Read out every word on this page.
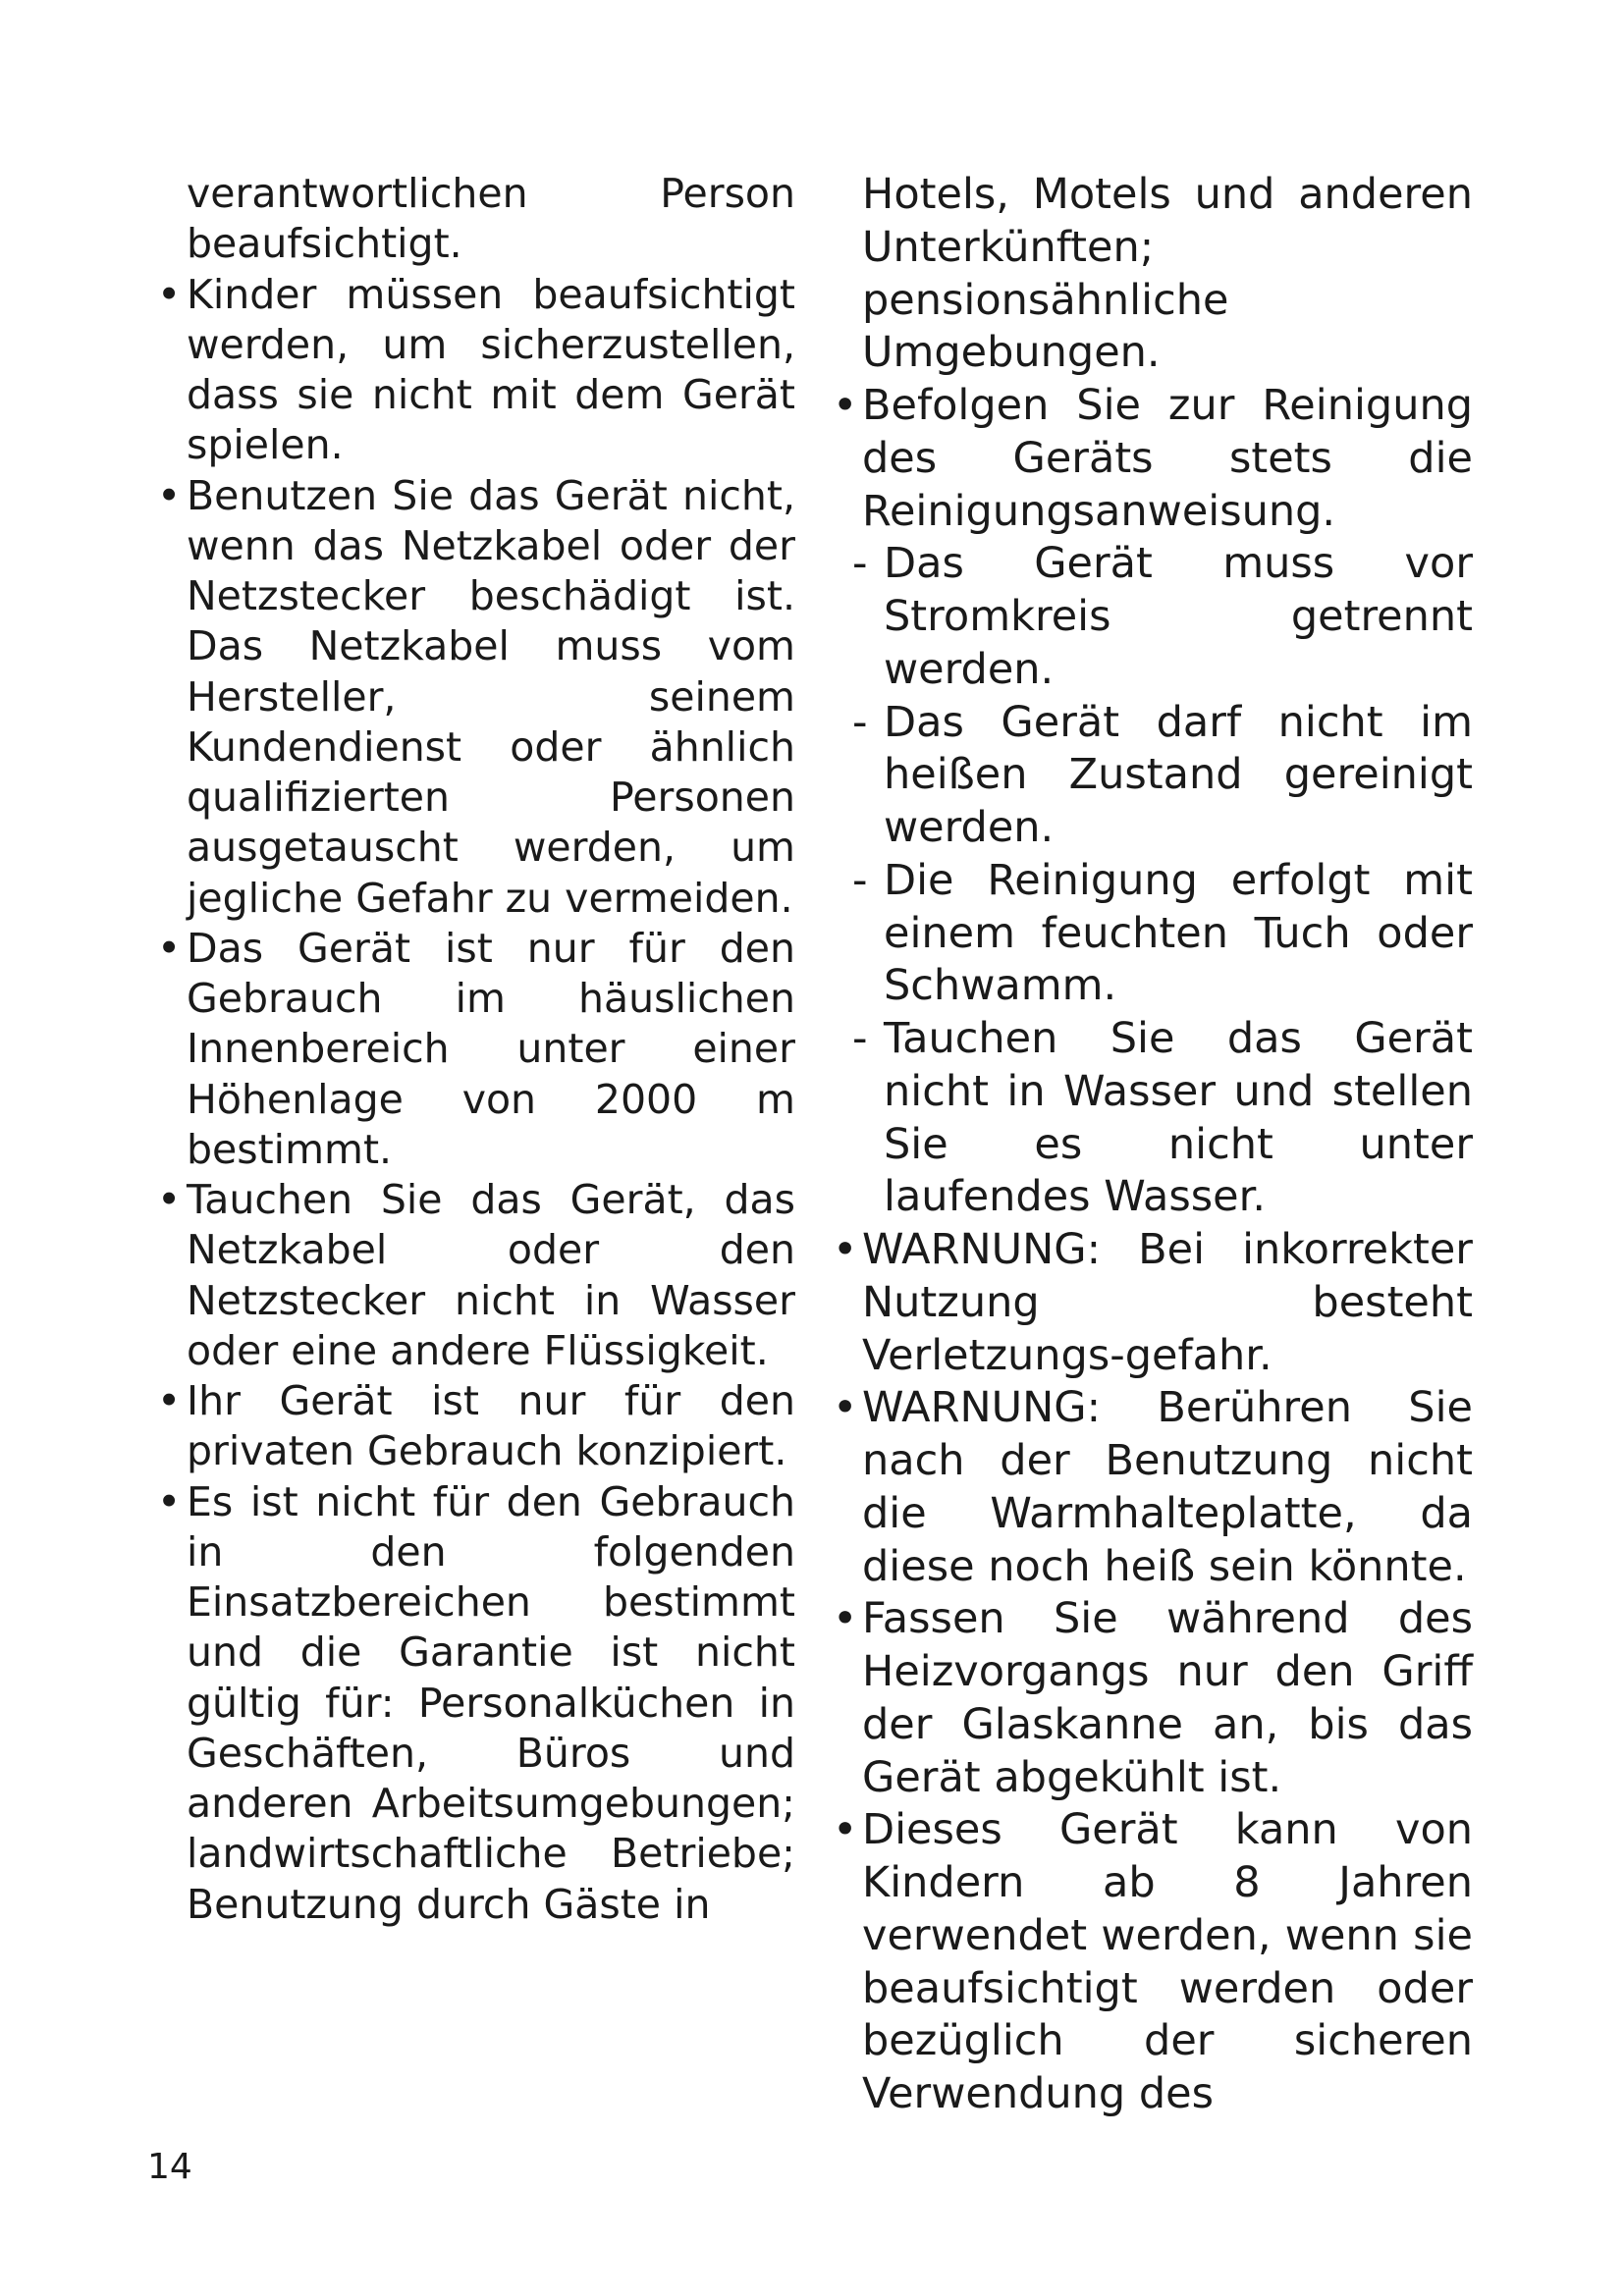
verantwortlichen Person beaufsichtigt.

• Kinder müssen beaufsichtigt werden, um sicherzustellen, dass sie nicht mit dem Gerät spielen.

• Benutzen Sie das Gerät nicht, wenn das Netzkabel oder der Netzstecker beschädigt ist. Das Netzkabel muss vom Hersteller, seinem Kundendienst oder ähnlich qualifizierten Personen ausgetauscht werden, um jegliche Gefahr zu vermeiden.

• Das Gerät ist nur für den Gebrauch im häuslichen Innenbereich unter einer Höhenlage von 2000 m bestimmt.

• Tauchen Sie das Gerät, das Netzkabel oder den Netzstecker nicht in Wasser oder eine andere Flüssigkeit.

• Ihr Gerät ist nur für den privaten Gebrauch konzipiert.

• Es ist nicht für den Gebrauch in den folgenden Einsatzbereichen bestimmt und die Garantie ist nicht gültig für: Personalküchen in Geschäften, Büros und anderen Arbeitsumgebungen; landwirtschaftliche Betriebe; Benutzung durch Gäste in

Hotels, Motels und anderen Unterkünften; pensionsähnliche Umgebungen.

• Befolgen Sie zur Reinigung des Geräts stets die Reinigungsanweisung.

- Das Gerät muss vor Stromkreis getrennt werden.

- Das Gerät darf nicht im heißen Zustand gereinigt werden.

- Die Reinigung erfolgt mit einem feuchten Tuch oder Schwamm.

- Tauchen Sie das Gerät nicht in Wasser und stellen Sie es nicht unter laufendes Wasser.

• WARNUNG: Bei inkorrekter Nutzung besteht Verletzungs-gefahr.

• WARNUNG: Berühren Sie nach der Benutzung nicht die Warmhalteplatte, da diese noch heiß sein könnte.

• Fassen Sie während des Heizvorgangs nur den Griff der Glaskanne an, bis das Gerät abgekühlt ist.

• Dieses Gerät kann von Kindern ab 8 Jahren verwendet werden, wenn sie beaufsichtigt werden oder bezüglich der sicheren Verwendung des

14
